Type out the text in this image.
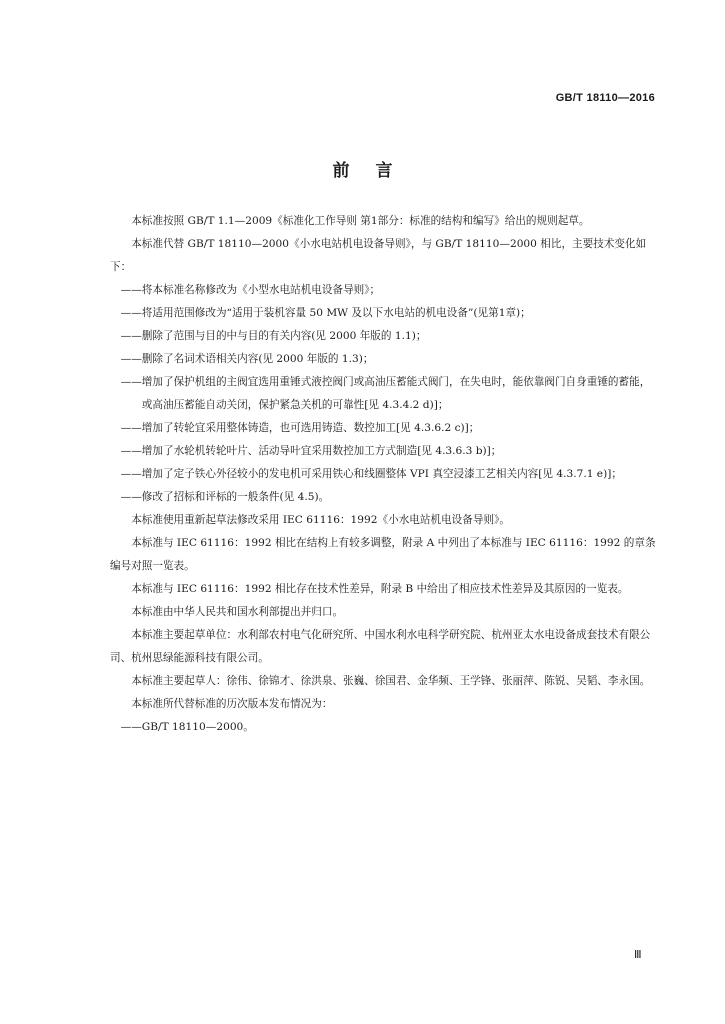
GB/T 18110—2016
前言

本标准按照 GB/T 1.1—2009《标准化工作导则 第1部分：标准的结构和编写》给出的规则起草。

本标准代替 GB/T 18110—2000《小水电站机电设备导则》，与 GB/T 18110—2000 相比，主要技术变化如下：

——将本标准名称修改为《小型水电站机电设备导则》；

——将适用范围修改为“适用于装机容量 50 MW 及以下水电站的机电设备”(见第1章)；

——删除了范围与目的中与目的有关内容(见 2000 年版的 1.1)；

——删除了名词术语相关内容(见 2000 年版的 1.3)；

——增加了保护机组的主阀宜选用重锤式液控阀门或高油压蓄能式阀门，在失电时，能依靠阀门自身重锤的蓄能，或高油压蓄能自动关闭，保护紧急关机的可靠性[见 4.3.4.2 d)]；

——增加了转轮宜采用整体铸造，也可选用铸造、数控加工[见 4.3.6.2 c)]；

——增加了水轮机转轮叶片、活动导叶宜采用数控加工方式制造[见 4.3.6.3 b)]；

——增加了定子铁心外径较小的发电机可采用铁心和线圈整体 VPI 真空浸漆工艺相关内容[见 4.3.7.1 e)]；

——修改了招标和评标的一般条件(见 4.5)。

本标准使用重新起草法修改采用 IEC 61116：1992《小水电站机电设备导则》。

本标准与 IEC 61116：1992 相比在结构上有较多调整，附录 A 中列出了本标准与 IEC 61116：1992 的章条编号对照一览表。

本标准与 IEC 61116：1992 相比存在技术性差异，附录 B 中给出了相应技术性差异及其原因的一览表。

本标准由中华人民共和国水利部提出并归口。

本标准主要起草单位：水利部农村电气化研究所、中国水利水电科学研究院、杭州亚太水电设备成套技术有限公司、杭州思绿能源科技有限公司。

本标准主要起草人：徐伟、徐锦才、徐洪泉、张巍、徐国君、金华频、王学锋、张丽萍、陈锐、吴韬、李永国。

本标准所代替标准的历次版本发布情况为：

——GB/T 18110—2000。

Ⅲ
